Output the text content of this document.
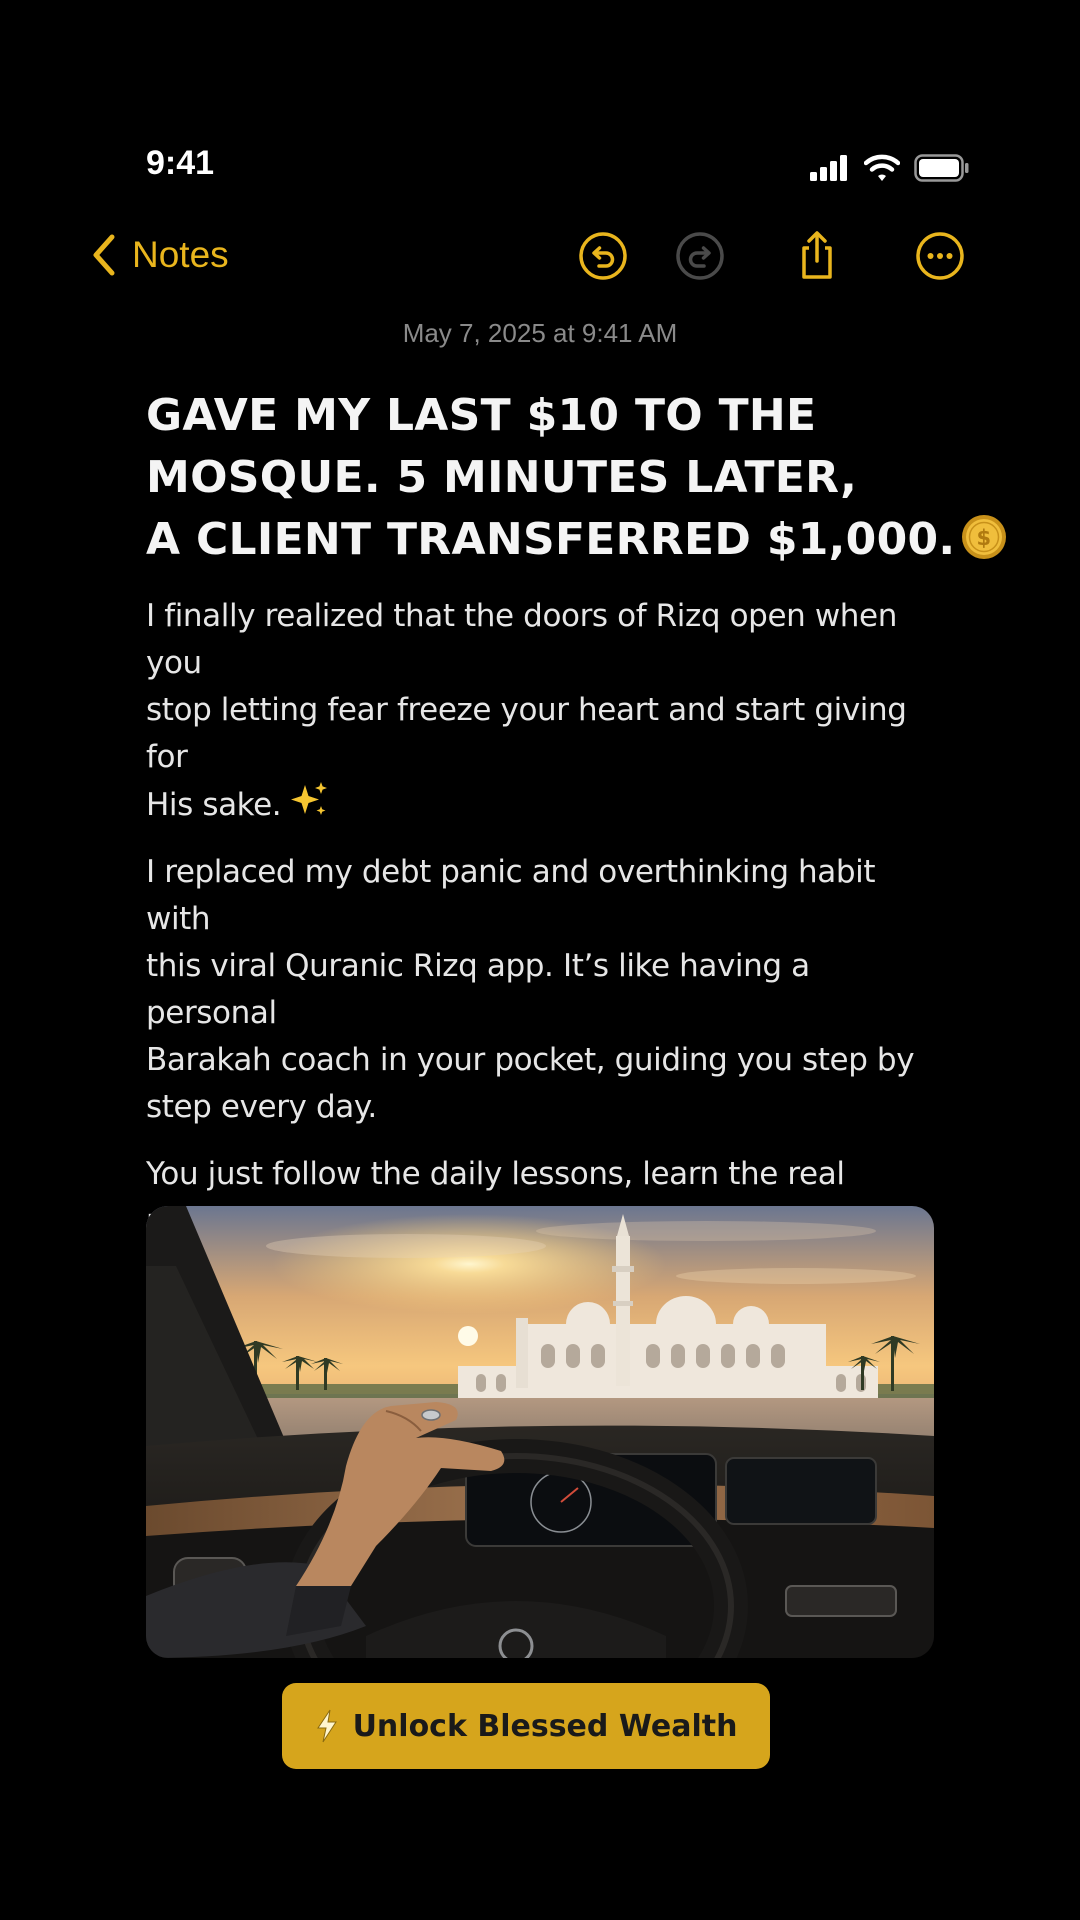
9:41
Notes
May 7, 2025 at 9:41 AM
GAVE MY LAST $10 TO THE
MOSQUE. 5 MINUTES LATER,
A CLIENT TRANSFERRED $1,000. $

I finally realized that the doors of Rizq open when you
stop letting fear freeze your heart and start giving for
His sake.

I replaced my debt panic and overthinking habit with
this viral Quranic Rizq app. It’s like having a personal
Barakah coach in your pocket, guiding you step by
step every day.

You just follow the daily lessons, learn the real

Unlock Blessed Wealth
